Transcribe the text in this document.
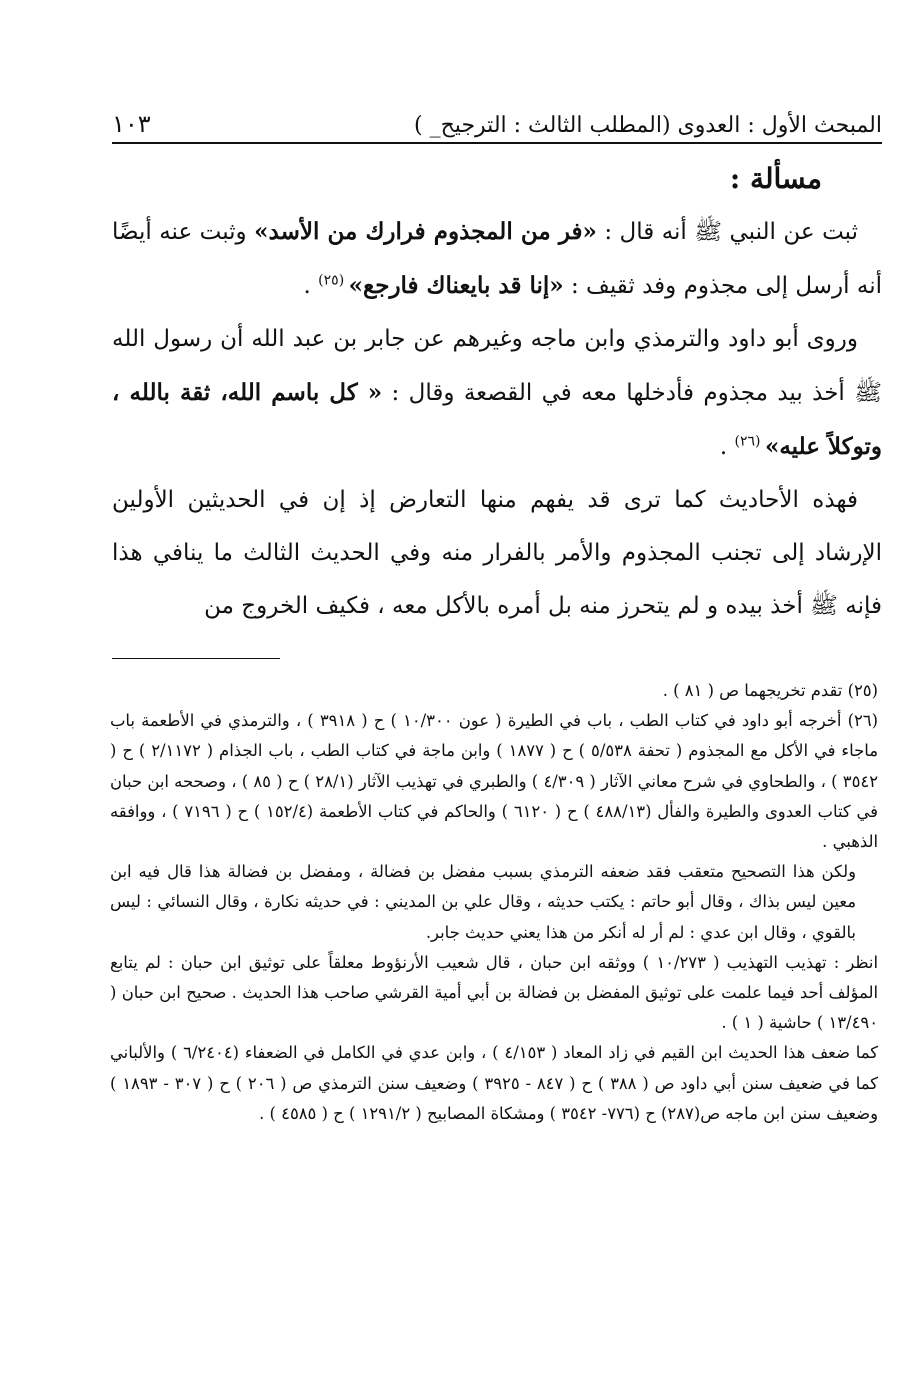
المبحث الأول : العدوى (المطلب الثالث : الترجيح_ )
١٠٣
مسألة :

ثبت عن النبي ﷺ أنه قال : «فر من المجذوم فرارك من الأسد» وثبت عنه أيضًا أنه أرسل إلى مجذوم وفد ثقيف : «إنا قد بايعناك فارجع» $^{(٢٥)}$ .

وروى أبو داود والترمذي وابن ماجه وغيرهم عن جابر بن عبد الله أن رسول الله ﷺ أخذ بيد مجذوم فأدخلها معه في القصعة وقال : « كل باسم الله، ثقة بالله ، وتوكلاً عليه» $^{(٢٦)}$ .

فهذه الأحاديث كما ترى قد يفهم منها التعارض إذ إن في الحديثين الأولين الإرشاد إلى تجنب المجذوم والأمر بالفرار منه وفي الحديث الثالث ما ينافي هذا فإنه ﷺ أخذ بيده و لم يتحرز منه بل أمره بالأكل معه ، فكيف الخروج من

(٢٥) تقدم تخريجهما ص ( ٨١ ) .

(٢٦) أخرجه أبو داود في كتاب الطب ، باب في الطيرة ( عون ١٠/٣٠٠ ) ح ( ٣٩١٨ ) ، والترمذي في الأطعمة باب ماجاء في الأكل مع المجذوم ( تحفة ٥/٥٣٨ ) ح ( ١٨٧٧ ) وابن ماجة في كتاب الطب ، باب الجذام ( ٢/١١٧٢ ) ح ( ٣٥٤٢ ) ، والطحاوي في شرح معاني الآثار ( ٤/٣٠٩ ) والطبري في تهذيب الآثار (٢٨/١ ) ح ( ٨٥ ) ، وصححه ابن حبان في كتاب العدوى والطيرة والفأل (٤٨٨/١٣ ) ح ( ٦١٢٠ ) والحاكم في كتاب الأطعمة (١٥٢/٤ ) ح ( ٧١٩٦ ) ، ووافقه الذهبي .

ولكن هذا التصحيح متعقب فقد ضعفه الترمذي بسبب مفضل بن فضالة ، ومفضل بن فضالة هذا قال فيه ابن معين ليس بذاك ، وقال أبو حاتم : يكتب حديثه ، وقال علي بن المديني : في حديثه نكارة ، وقال النسائي : ليس بالقوي ، وقال ابن عدي : لم أر له أنكر من هذا يعني حديث جابر.

انظر : تهذيب التهذيب ( ١٠/٢٧٣ ) ووثقه ابن حبان ، قال شعيب الأرنؤوط معلقاً على توثيق ابن حبان : لم يتابع المؤلف أحد فيما علمت على توثيق المفضل بن فضالة بن أبي أمية القرشي صاحب هذا الحديث . صحيح ابن حبان ( ١٣/٤٩٠ ) حاشية ( ١ ) .

كما ضعف هذا الحديث ابن القيم في زاد المعاد ( ٤/١٥٣ ) ، وابن عدي في الكامل في الضعفاء (٦/٢٤٠٤ ) والألباني كما في ضعيف سنن أبي داود ص ( ٣٨٨ ) ح ( ٨٤٧ - ٣٩٢٥ ) وضعيف سنن الترمذي ص ( ٢٠٦ ) ح ( ٣٠٧ - ١٨٩٣ ) وضعيف سنن ابن ماجه ص(٢٨٧) ح (٧٧٦- ٣٥٤٢ ) ومشكاة المصابيح ( ١٢٩١/٢ ) ح ( ٤٥٨٥ ) .
